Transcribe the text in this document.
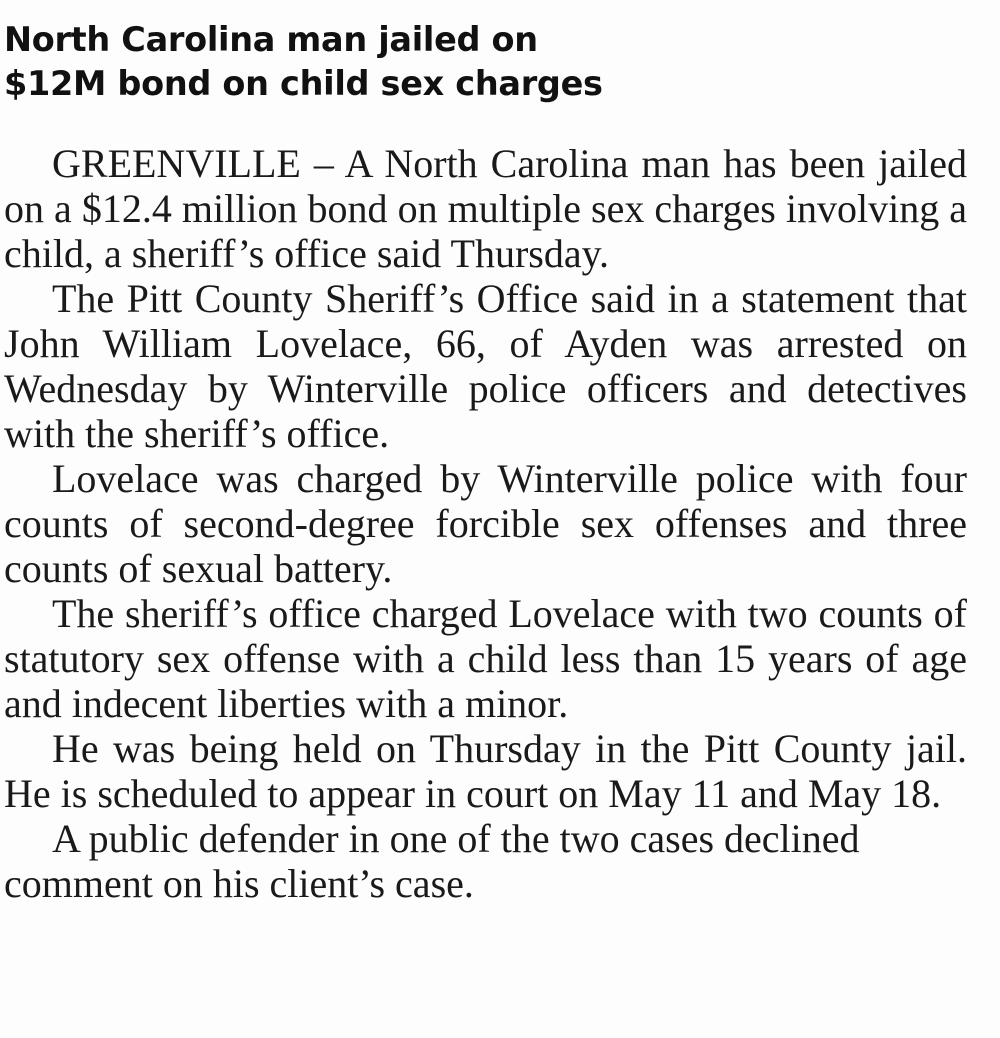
North Carolina man jailed on
$12M bond on child sex charges

GREENVILLE – A North Carolina man has been jailed on a $12.4 million bond on multiple sex charges involving a child, a sheriff’s office said Thursday.

The Pitt County Sheriff’s Office said in a statement that John William Lovelace, 66, of Ayden was arrested on Wednesday by Winterville police officers and detectives with the sheriff’s office.

Lovelace was charged by Winterville police with four counts of second-degree forcible sex offenses and three counts of sexual battery.

The sheriff’s office charged Lovelace with two counts of statutory sex offense with a child less than 15 years of age and indecent liberties with a minor.

He was being held on Thursday in the Pitt County jail. He is scheduled to appear in court on May 11 and May 18.

A public defender in one of the two cases declined comment on his client’s case.
